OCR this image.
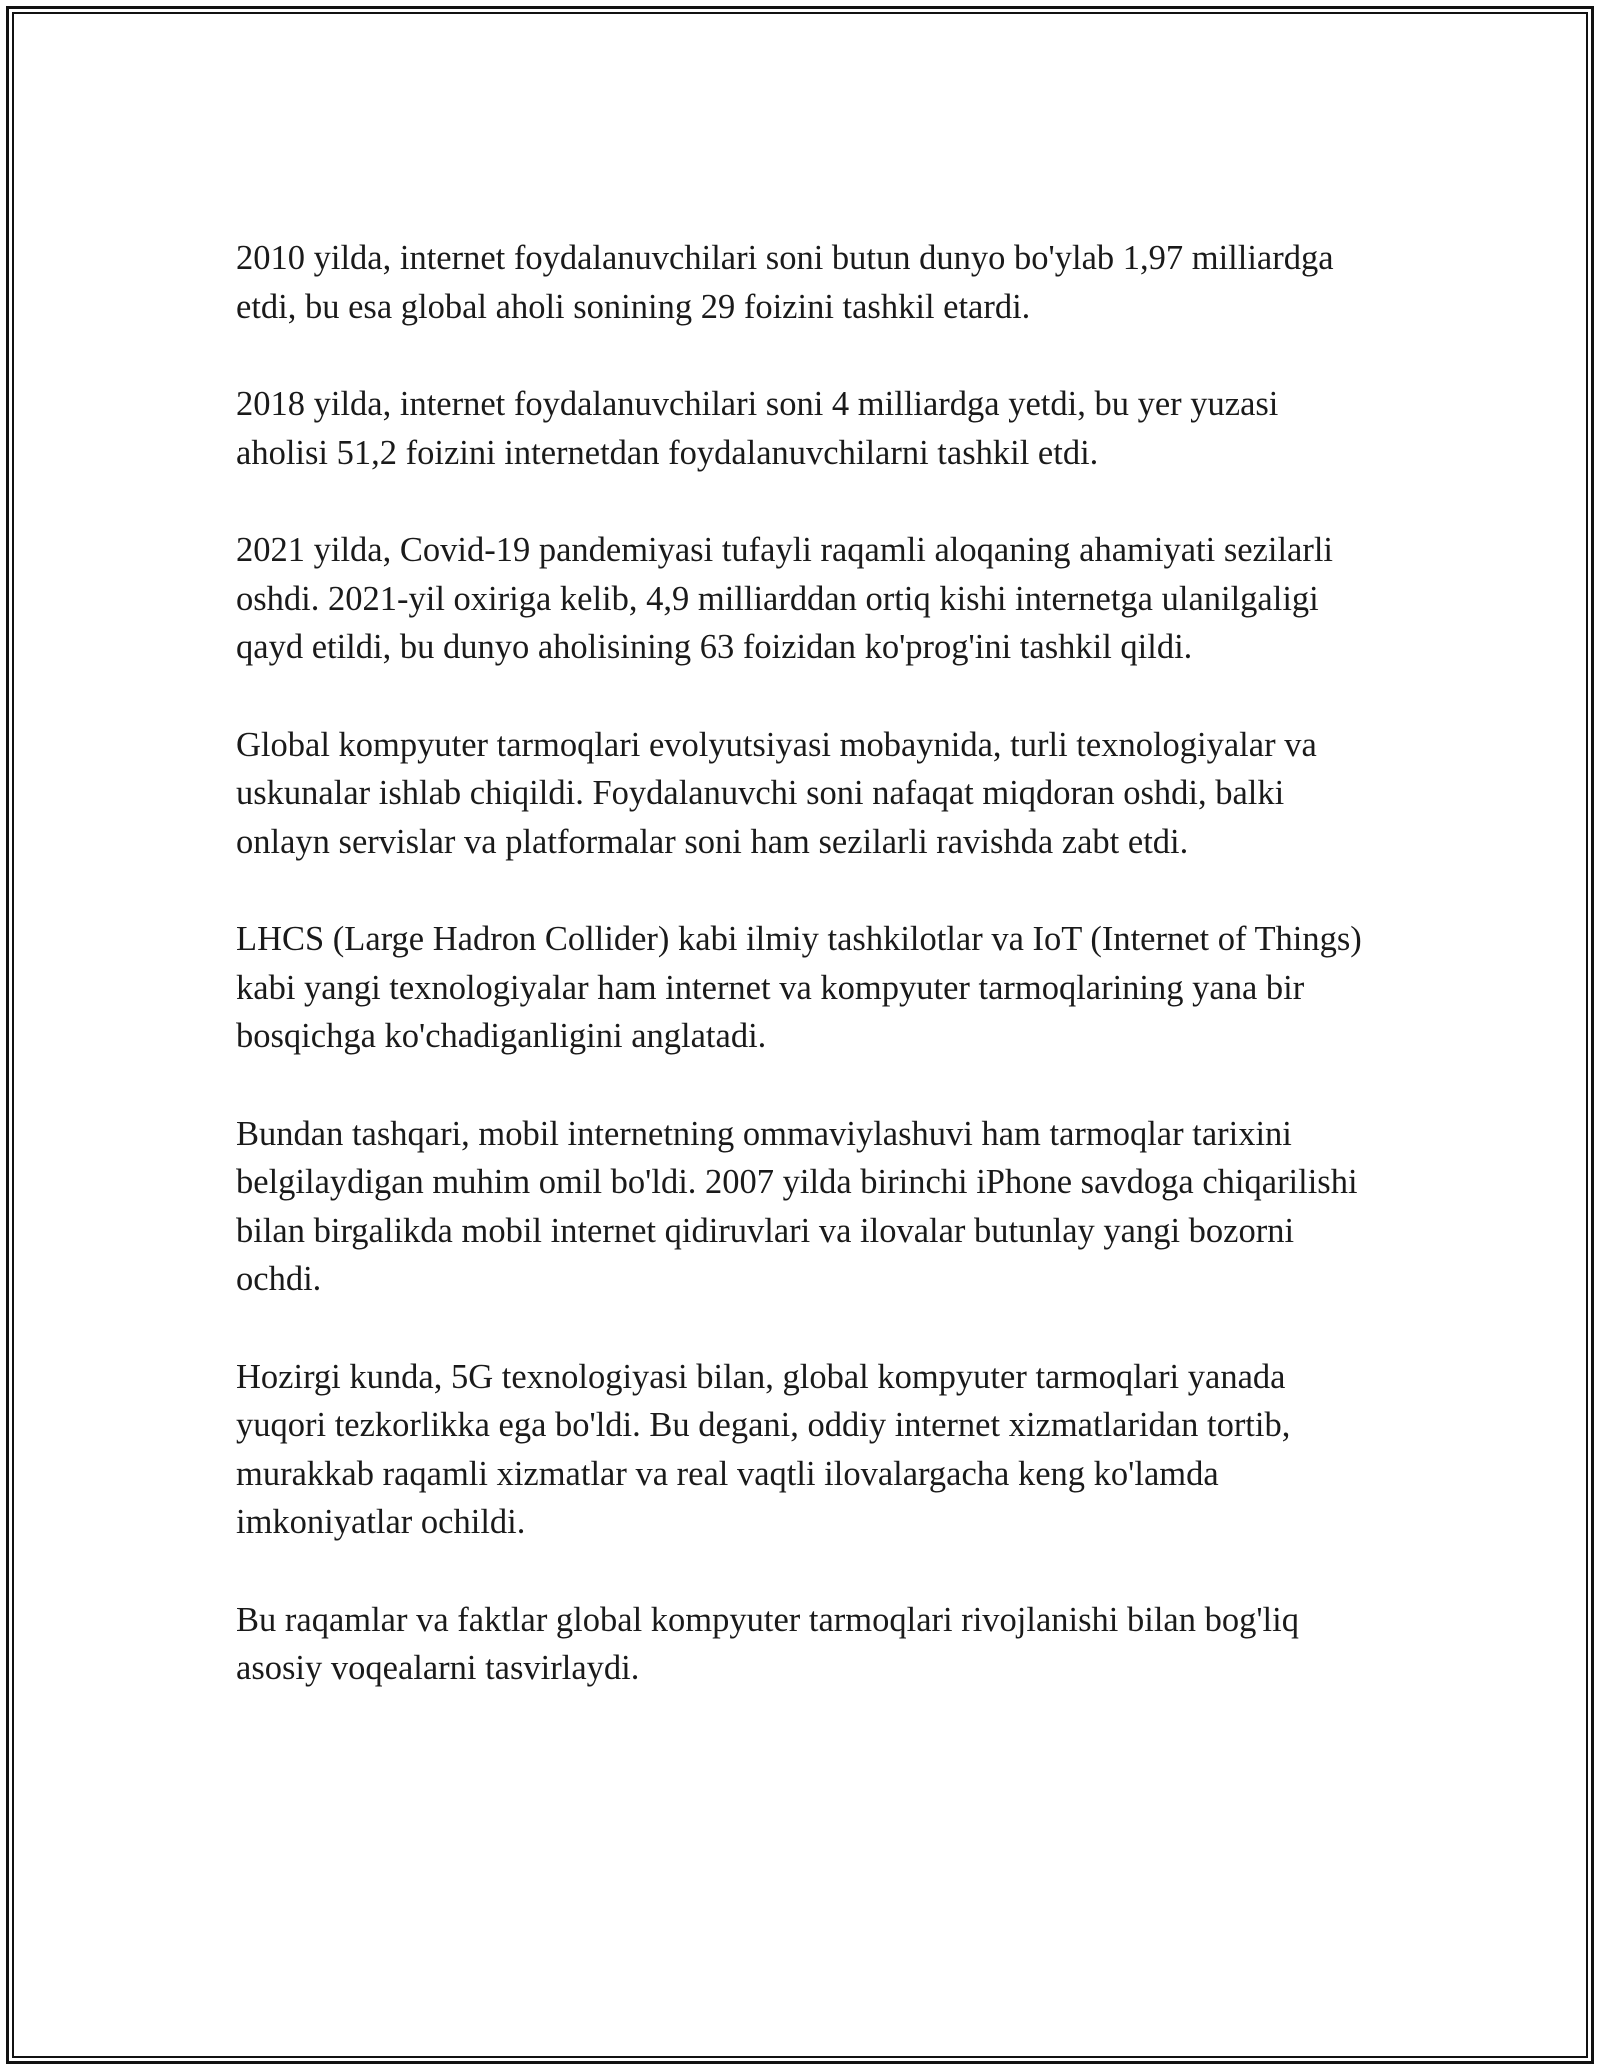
2010 yilda, internet foydalanuvchilari soni butun dunyo bo'ylab 1,97 milliardga etdi, bu esa global aholi sonining 29 foizini tashkil etardi.

2018 yilda, internet foydalanuvchilari soni 4 milliardga yetdi, bu yer yuzasi aholisi 51,2 foizini internetdan foydalanuvchilarni tashkil etdi.

2021 yilda, Covid-19 pandemiyasi tufayli raqamli aloqaning ahamiyati sezilarli oshdi. 2021-yil oxiriga kelib, 4,9 milliarddan ortiq kishi internetga ulanilgaligi qayd etildi, bu dunyo aholisining 63 foizidan ko'prog'ini tashkil qildi.

Global kompyuter tarmoqlari evolyutsiyasi mobaynida, turli texnologiyalar va uskunalar ishlab chiqildi. Foydalanuvchi soni nafaqat miqdoran oshdi, balki onlayn servislar va platformalar soni ham sezilarli ravishda zabt etdi.

LHCS (Large Hadron Collider) kabi ilmiy tashkilotlar va IoT (Internet of Things) kabi yangi texnologiyalar ham internet va kompyuter tarmoqlarining yana bir bosqichga ko'chadiganligini anglatadi.

Bundan tashqari, mobil internetning ommaviylashuvi ham tarmoqlar tarixini belgilaydigan muhim omil bo'ldi. 2007 yilda birinchi iPhone savdoga chiqarilishi bilan birgalikda mobil internet qidiruvlari va ilovalar butunlay yangi bozorni ochdi.

Hozirgi kunda, 5G texnologiyasi bilan, global kompyuter tarmoqlari yanada yuqori tezkorlikka ega bo'ldi. Bu degani, oddiy internet xizmatlaridan tortib, murakkab raqamli xizmatlar va real vaqtli ilovalargacha keng ko'lamda imkoniyatlar ochildi.

Bu raqamlar va faktlar global kompyuter tarmoqlari rivojlanishi bilan bog'liq asosiy voqealarni tasvirlaydi.
